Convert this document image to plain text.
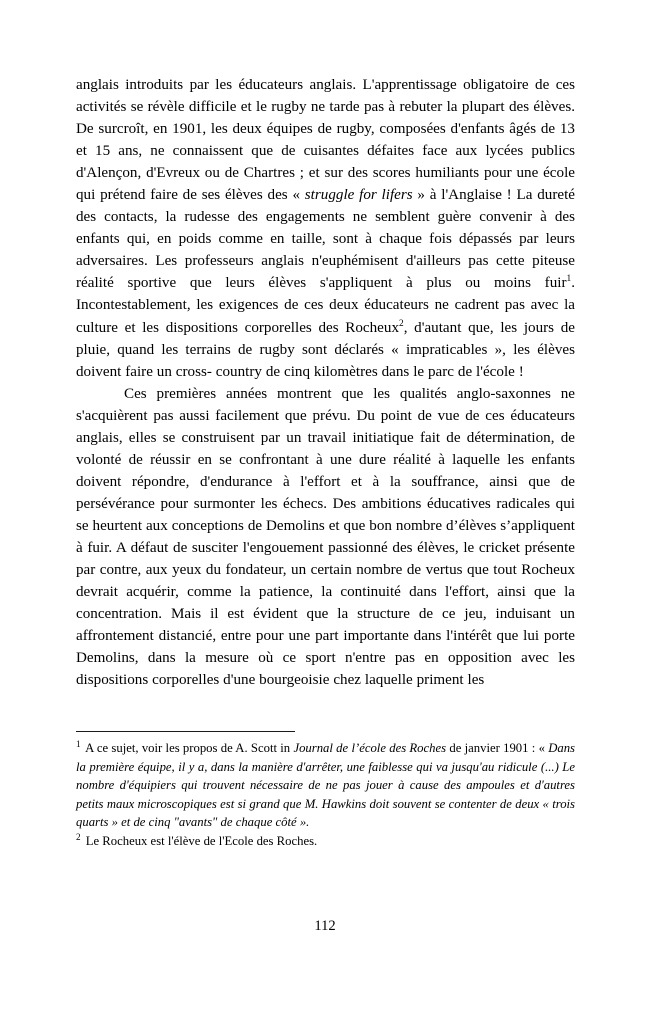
anglais introduits par les éducateurs anglais. L'apprentissage obligatoire de ces activités se révèle difficile et le rugby ne tarde pas à rebuter la plupart des élèves. De surcroît, en 1901, les deux équipes de rugby, composées d'enfants âgés de 13 et 15 ans, ne connaissent que de cuisantes défaites face aux lycées publics d'Alençon, d'Evreux ou de Chartres ; et sur des scores humiliants pour une école qui prétend faire de ses élèves des « struggle for lifers » à l'Anglaise ! La dureté des contacts, la rudesse des engagements ne semblent guère convenir à des enfants qui, en poids comme en taille, sont à chaque fois dépassés par leurs adversaires. Les professeurs anglais n'euphémisent d'ailleurs pas cette piteuse réalité sportive que leurs élèves s'appliquent à plus ou moins fuir$^1$. Incontestablement, les exigences de ces deux éducateurs ne cadrent pas avec la culture et les dispositions corporelles des Rocheux$^2$, d'autant que, les jours de pluie, quand les terrains de rugby sont déclarés « impraticables », les élèves doivent faire un cross- country de cinq kilomètres dans le parc de l'école !

Ces premières années montrent que les qualités anglo-saxonnes ne s'acquièrent pas aussi facilement que prévu. Du point de vue de ces éducateurs anglais, elles se construisent par un travail initiatique fait de détermination, de volonté de réussir en se confrontant à une dure réalité à laquelle les enfants doivent répondre, d'endurance à l'effort et à la souffrance, ainsi que de persévérance pour surmonter les échecs. Des ambitions éducatives radicales qui se heurtent aux conceptions de Demolins et que bon nombre d’élèves s’appliquent à fuir. A défaut de susciter l'engouement passionné des élèves, le cricket présente par contre, aux yeux du fondateur, un certain nombre de vertus que tout Rocheux devrait acquérir, comme la patience, la continuité dans l'effort, ainsi que la concentration. Mais il est évident que la structure de ce jeu, induisant un affrontement distancié, entre pour une part importante dans l'intérêt que lui porte Demolins, dans la mesure où ce sport n'entre pas en opposition avec les dispositions corporelles d'une bourgeoisie chez laquelle priment les

$^1$ A ce sujet, voir les propos de A. Scott in Journal de l’école des Roches de janvier 1901 : « Dans la première équipe, il y a, dans la manière d'arrêter, une faiblesse qui va jusqu'au ridicule (...) Le nombre d'équipiers qui trouvent nécessaire de ne pas jouer à cause des ampoules et d'autres petits maux microscopiques est si grand que M. Hawkins doit souvent se contenter de deux « trois quarts » et de cinq "avants" de chaque côté ».

$^2$ Le Rocheux est l'élève de l'Ecole des Roches.

112
